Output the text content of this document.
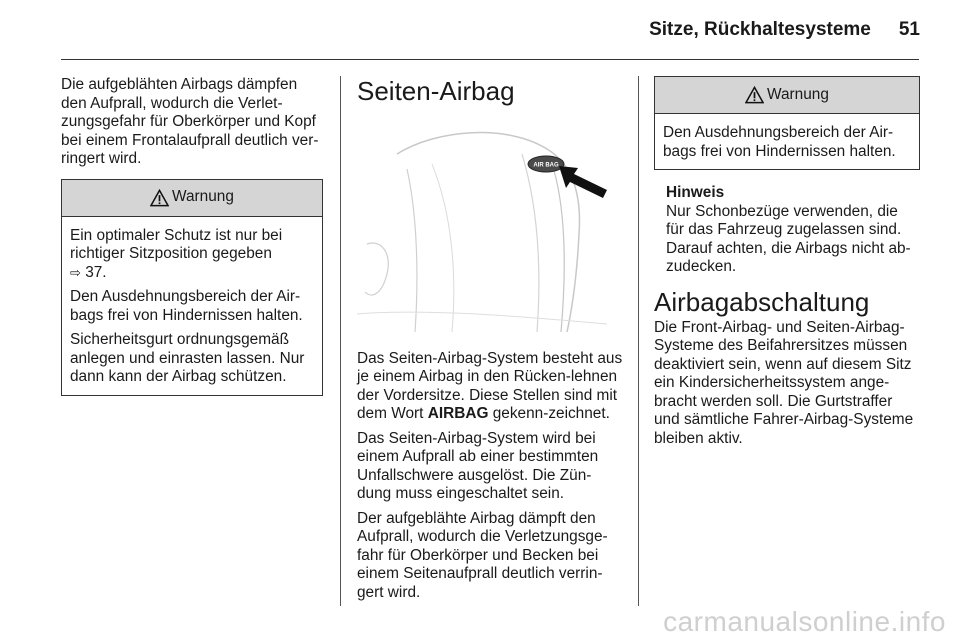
Sitze, Rückhaltesysteme 51

Die aufgeblähten Airbags dämpfen den Aufprall, wodurch die Verlet-zungsgefahr für Oberkörper und Kopf bei einem Frontalaufprall deutlich ver-ringert wird.

Warnung

Ein optimaler Schutz ist nur bei richtiger Sitzposition gegeben
⇨ 37.

Den Ausdehnungsbereich der Air-bags frei von Hindernissen halten.

Sicherheitsgurt ordnungsgemäß anlegen und einrasten lassen. Nur dann kann der Airbag schützen.

Seiten-Airbag
AIR BAG

Das Seiten-Airbag-System besteht aus je einem Airbag in den Rücken-lehnen der Vordersitze. Diese Stellen sind mit dem Wort AIRBAG gekenn-zeichnet.

Das Seiten-Airbag-System wird bei einem Aufprall ab einer bestimmten Unfallschwere ausgelöst. Die Zün-dung muss eingeschaltet sein.

Der aufgeblähte Airbag dämpft den Aufprall, wodurch die Verletzungsge-fahr für Oberkörper und Becken bei einem Seitenaufprall deutlich verrin-gert wird.

Warnung

Den Ausdehnungsbereich der Air-bags frei von Hindernissen halten.

Hinweis

Nur Schonbezüge verwenden, die für das Fahrzeug zugelassen sind. Darauf achten, die Airbags nicht ab-zudecken.

Airbagabschaltung

Die Front-Airbag- und Seiten-Airbag-Systeme des Beifahrersitzes müssen deaktiviert sein, wenn auf diesem Sitz ein Kindersicherheitssystem ange-bracht werden soll. Die Gurtstraffer und sämtliche Fahrer-Airbag-Systeme bleiben aktiv.

carmanualsonline.info
